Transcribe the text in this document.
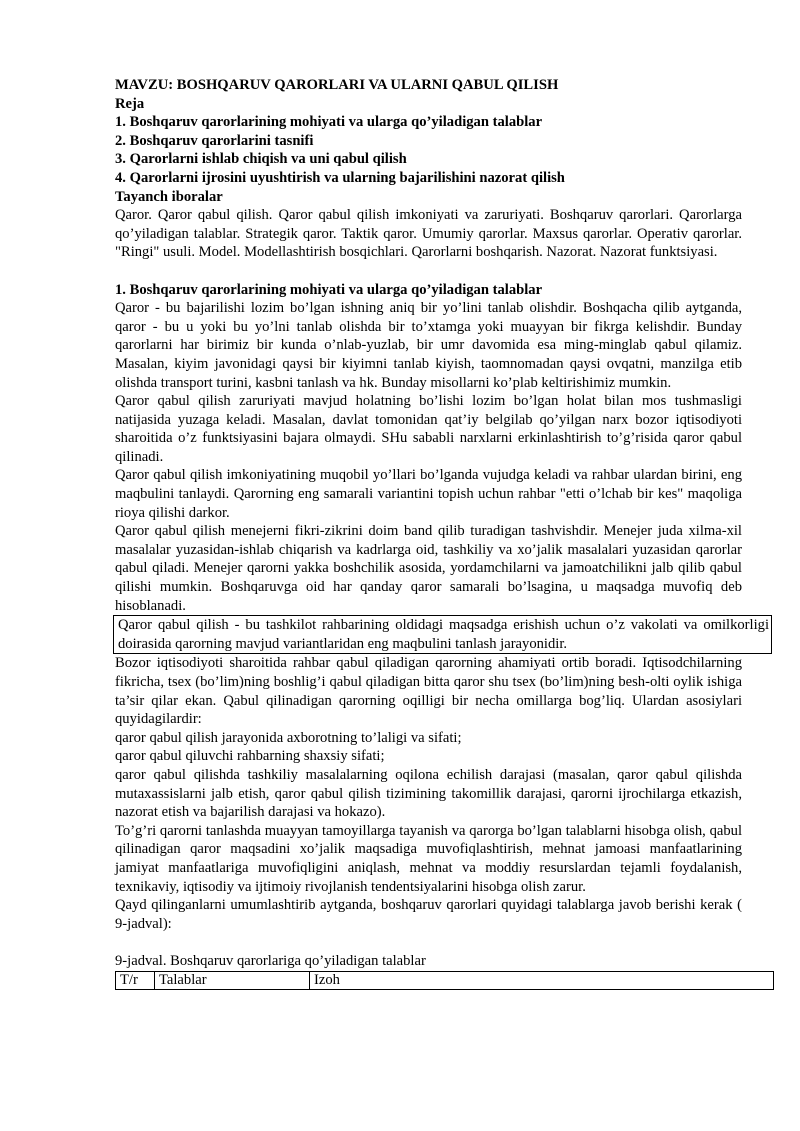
MAVZU: BOSHQARUV QARORLARI VA ULARNI QABUL QILISH
Reja
1. Boshqaruv qarorlarining mohiyati va ularga qo’yiladigan talablar
2. Boshqaruv qarorlarini tasnifi
3. Qarorlarni ishlab chiqish va uni qabul qilish
4. Qarorlarni ijrosini uyushtirish va ularning bajarilishini nazorat qilish
Tayanch iboralar

Qaror. Qaror qabul qilish. Qaror qabul qilish imkoniyati va zaruriyati. Boshqaruv qarorlari. Qarorlarga qo’yiladigan talablar. Strategik qaror. Taktik qaror. Umumiy qarorlar. Maxsus qarorlar. Operativ qarorlar. "Ringi" usuli. Model. Modellashtirish bosqichlari. Qarorlarni boshqarish. Nazorat. Nazorat funktsiyasi.

1. Boshqaruv qarorlarining mohiyati va ularga qo’yiladigan talablar

Qaror - bu bajarilishi lozim bo’lgan ishning aniq bir yo’lini tanlab olishdir. Boshqacha qilib aytganda, qaror - bu u yoki bu yo’lni tanlab olishda bir to’xtamga yoki muayyan bir fikrga kelishdir. Bunday qarorlarni har birimiz bir kunda o’nlab-yuzlab, bir umr davomida esa ming-minglab qabul qilamiz. Masalan, kiyim javonidagi qaysi bir kiyimni tanlab kiyish, taomnomadan qaysi ovqatni, manzilga etib olishda transport turini, kasbni tanlash va hk. Bunday misollarni ko’plab keltirishimiz mumkin.

Qaror qabul qilish zaruriyati mavjud holatning bo’lishi lozim bo’lgan holat bilan mos tushmasligi natijasida yuzaga keladi. Masalan, davlat tomonidan qat’iy belgilab qo’yilgan narx bozor iqtisodiyoti sharoitida o’z funktsiyasini bajara olmaydi. SHu sababli narxlarni erkinlashtirish to’g’risida qaror qabul qilinadi.

Qaror qabul qilish imkoniyatining muqobil yo’llari bo’lganda vujudga keladi va rahbar ulardan birini, eng maqbulini tanlaydi. Qarorning eng samarali variantini topish uchun rahbar "etti o’lchab bir kes" maqoliga rioya qilishi darkor.

Qaror qabul qilish menejerni fikri-zikrini doim band qilib turadigan tashvishdir. Menejer juda xilma-xil masalalar yuzasidan-ishlab chiqarish va kadrlarga oid, tashkiliy va xo’jalik masalalari yuzasidan qarorlar qabul qiladi. Menejer qarorni yakka boshchilik asosida, yordamchilarni va jamoatchilikni jalb qilib qabul qilishi mumkin. Boshqaruvga oid har qanday qaror samarali bo’lsagina, u maqsadga muvofiq deb hisoblanadi.

Qaror qabul qilish - bu tashkilot rahbarining oldidagi maqsadga erishish uchun o’z vakolati va omilkorligi doirasida qarorning mavjud variantlaridan eng maqbulini tanlash jarayonidir.

Bozor iqtisodiyoti sharoitida rahbar qabul qiladigan qarorning ahamiyati ortib boradi. Iqtisodchilarning fikricha, tsex (bo’lim)ning boshlig’i qabul qiladigan bitta qaror shu tsex (bo’lim)ning besh-olti oylik ishiga ta’sir qilar ekan. Qabul qilinadigan qarorning oqilligi bir necha omillarga bog’liq. Ulardan asosiylari quyidagilardir:

qaror qabul qilish jarayonida axborotning to’laligi va sifati;

qaror qabul qiluvchi rahbarning shaxsiy sifati;

qaror qabul qilishda tashkiliy masalalarning oqilona echilish darajasi (masalan, qaror qabul qilishda mutaxassislarni jalb etish, qaror qabul qilish tizimining takomillik darajasi, qarorni ijrochilarga etkazish, nazorat etish va bajarilish darajasi va hokazo).

To’g’ri qarorni tanlashda muayyan tamoyillarga tayanish va qarorga bo’lgan talablarni hisobga olish, qabul qilinadigan qaror maqsadini xo’jalik maqsadiga muvofiqlashtirish, mehnat jamoasi manfaatlarining jamiyat manfaatlariga muvofiqligini aniqlash, mehnat va moddiy resurslardan tejamli foydalanish, texnikaviy, iqtisodiy va ijtimoiy rivojlanish tendentsiyalarini hisobga olish zarur.

Qayd qilinganlarni umumlashtirib aytganda, boshqaruv qarorlari quyidagi talablarga javob berishi kerak ( 9-jadval):

9-jadval. Boshqaruv qarorlariga qo’yiladigan talablar
T/r	Talablar	Izoh
